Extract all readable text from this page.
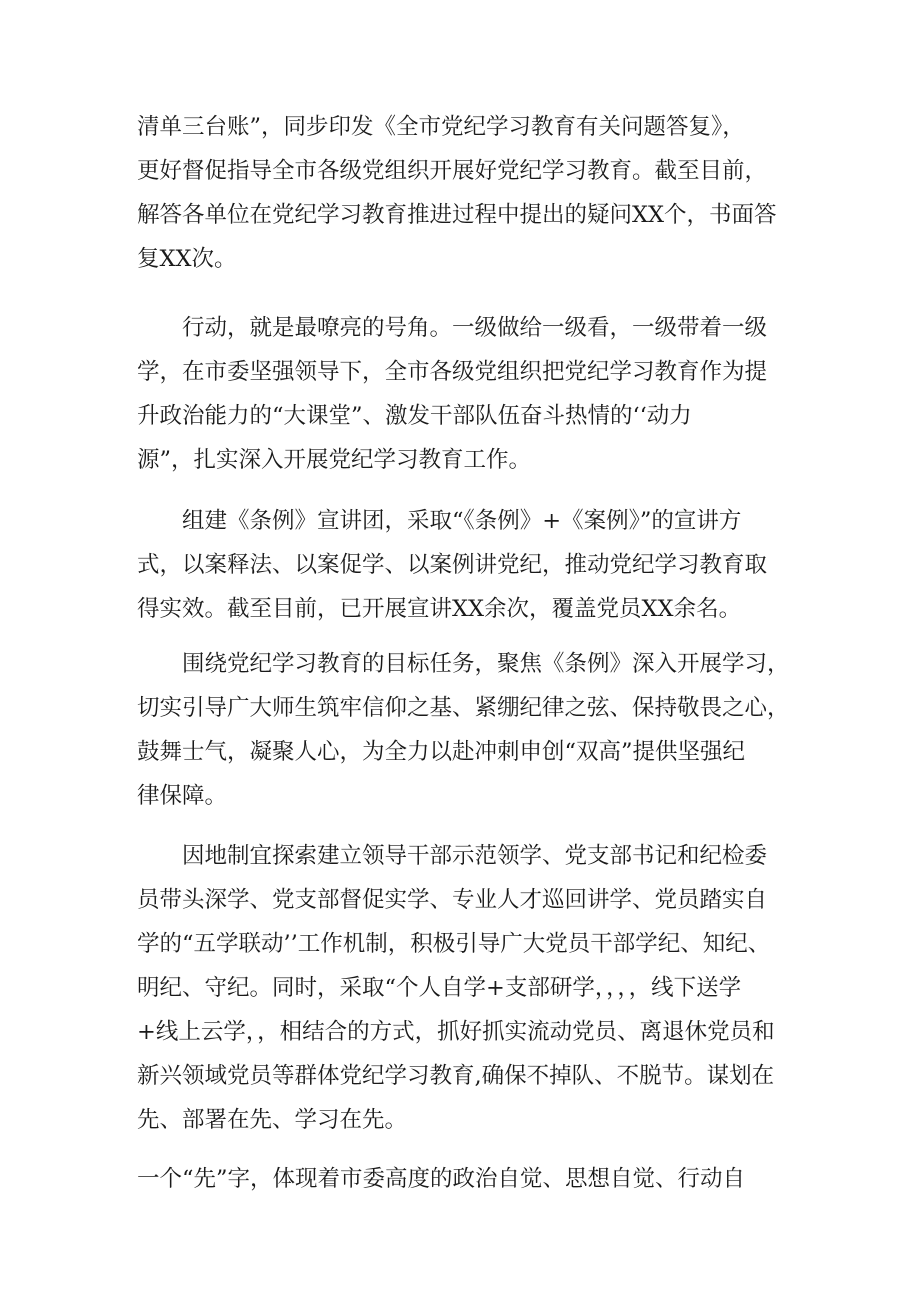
清单三台账”，同步印发《全市党纪学习教育有关问题答复》，
更好督促指导全市各级党组织开展好党纪学习教育。截至目前，
解答各单位在党纪学习教育推进过程中提出的疑问XX个，书面答
复XX次。
　　行动，就是最嘹亮的号角。一级做给一级看，一级带着一级
学，在市委坚强领导下，全市各级党组织把党纪学习教育作为提
升政治能力的“大课堂”、激发干部队伍奋斗热情的‘‘动力
源”，扎实深入开展党纪学习教育工作。
　　组建《条例》宣讲团，采取“《条例》+《案例》”的宣讲方
式，以案释法、以案促学、以案例讲党纪，推动党纪学习教育取
得实效。截至目前，已开展宣讲XX余次，覆盖党员XX余名。
　　围绕党纪学习教育的目标任务，聚焦《条例》深入开展学习，
切实引导广大师生筑牢信仰之基、紧绷纪律之弦、保持敬畏之心，
鼓舞士气，凝聚人心，为全力以赴冲刺申创“双高”提供坚强纪
律保障。
　　因地制宜探索建立领导干部示范领学、党支部书记和纪检委
员带头深学、党支部督促实学、专业人才巡回讲学、党员踏实自
学的“五学联动’’工作机制，积极引导广大党员干部学纪、知纪、
明纪、守纪。同时，采取“个人自学+支部研学，，，，线下送学
+线上云学，，相结合的方式，抓好抓实流动党员、离退休党员和
新兴领域党员等群体党纪学习教育,确保不掉队、不脱节。谋划在
先、部署在先、学习在先。
一个“先”字，体现着市委高度的政治自觉、思想自觉、行动自
